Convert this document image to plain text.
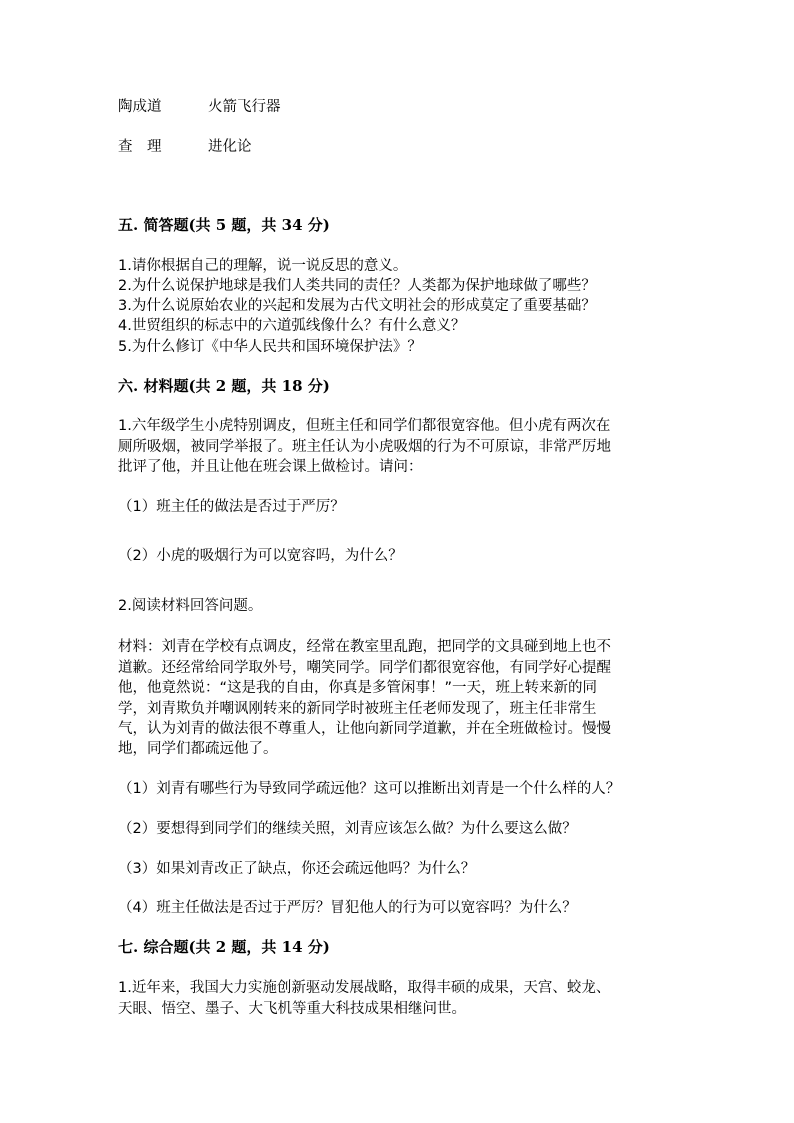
陶成道	火箭飞行器
查　理	进化论
五. 简答题(共 5 题，共 34 分)
1.请你根据自己的理解，说一说反思的意义。
2.为什么说保护地球是我们人类共同的责任？人类都为保护地球做了哪些？
3.为什么说原始农业的兴起和发展为古代文明社会的形成莫定了重要基础？
4.世贸组织的标志中的六道弧线像什么？有什么意义？
5.为什么修订《中华人民共和国环境保护法》？
六. 材料题(共 2 题，共 18 分)
1.六年级学生小虎特别调皮，但班主任和同学们都很宽容他。但小虎有两次在
厕所吸烟，被同学举报了。班主任认为小虎吸烟的行为不可原谅，非常严厉地
批评了他，并且让他在班会课上做检讨。请问：
（1）班主任的做法是否过于严厉？
（2）小虎的吸烟行为可以宽容吗，为什么？
2.阅读材料回答问题。
材料：刘青在学校有点调皮，经常在教室里乱跑，把同学的文具碰到地上也不
道歉。还经常给同学取外号，嘲笑同学。同学们都很宽容他，有同学好心提醒
他，他竟然说：“这是我的自由，你真是多管闲事！”一天，班上转来新的同
学，刘青欺负并嘲讽刚转来的新同学时被班主任老师发现了，班主任非常生
气，认为刘青的做法很不尊重人，让他向新同学道歉，并在全班做检讨。慢慢
地，同学们都疏远他了。
（1）刘青有哪些行为导致同学疏远他？这可以推断出刘青是一个什么样的人？
（2）要想得到同学们的继续关照，刘青应该怎么做？为什么要这么做？
（3）如果刘青改正了缺点，你还会疏远他吗？为什么？
（4）班主任做法是否过于严厉？冒犯他人的行为可以宽容吗？为什么？
七. 综合题(共 2 题，共 14 分)
1.近年来，我国大力实施创新驱动发展战略，取得丰硕的成果，天宫、蛟龙、
天眼、悟空、墨子、大飞机等重大科技成果相继问世。
